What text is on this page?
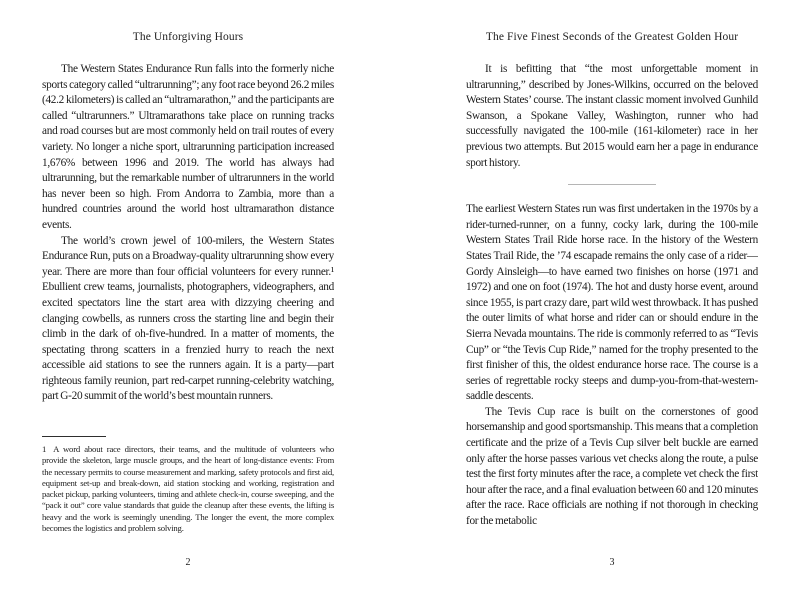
The Unforgiving Hours

The Western States Endurance Run falls into the formerly niche sports category called “ultrarunning”; any foot race beyond 26.2 miles (42.2 kilometers) is called an “ultramarathon,” and the participants are called “ultrarunners.” Ultramarathons take place on running tracks and road courses but are most commonly held on trail routes of every variety. No longer a niche sport, ultrarunning participation increased 1,676% between 1996 and 2019. The world has always had ultrarunning, but the remarkable number of ultrarunners in the world has never been so high. From Andorra to Zambia, more than a hundred countries around the world host ultramarathon distance events.

The world’s crown jewel of 100-milers, the Western States Endurance Run, puts on a Broadway-quality ultrarunning show every year. There are more than four official volunteers for every runner.¹ Ebullient crew teams, journalists, photographers, videographers, and excited spectators line the start area with dizzying cheering and clanging cowbells, as runners cross the starting line and begin their climb in the dark of oh-five-hundred. In a matter of moments, the spectating throng scatters in a frenzied hurry to reach the next accessible aid stations to see the runners again. It is a party—part righteous family reunion, part red-carpet running-celebrity watching, part G-20 summit of the world’s best mountain runners.

1 A word about race directors, their teams, and the multitude of volunteers who provide the skeleton, large muscle groups, and the heart of long-distance events: From the necessary permits to course measurement and marking, safety protocols and first aid, equipment set-up and break-down, aid station stocking and working, registration and packet pickup, parking volunteers, timing and athlete check-in, course sweeping, and the “pack it out” core value standards that guide the cleanup after these events, the lifting is heavy and the work is seemingly unending. The longer the event, the more complex becomes the logistics and problem solving.

2
The Five Finest Seconds of the Greatest Golden Hour

It is befitting that “the most unforgettable moment in ultrarunning,” described by Jones-Wilkins, occurred on the beloved Western States’ course. The instant classic moment involved Gunhild Swanson, a Spokane Valley, Washington, runner who had successfully navigated the 100-mile (161-kilometer) race in her previous two attempts. But 2015 would earn her a page in endurance sport history.

The earliest Western States run was first undertaken in the 1970s by a rider-turned-runner, on a funny, cocky lark, during the 100-mile Western States Trail Ride horse race. In the history of the Western States Trail Ride, the ’74 escapade remains the only case of a rider—Gordy Ainsleigh—to have earned two finishes on horse (1971 and 1972) and one on foot (1974). The hot and dusty horse event, around since 1955, is part crazy dare, part wild west throwback. It has pushed the outer limits of what horse and rider can or should endure in the Sierra Nevada mountains. The ride is commonly referred to as “Tevis Cup” or “the Tevis Cup Ride,” named for the trophy presented to the first finisher of this, the oldest endurance horse race. The course is a series of regrettable rocky steeps and dump-you-from-that-western-saddle descents.

The Tevis Cup race is built on the cornerstones of good horsemanship and good sportsmanship. This means that a completion certificate and the prize of a Tevis Cup silver belt buckle are earned only after the horse passes various vet checks along the route, a pulse test the first forty minutes after the race, a complete vet check the first hour after the race, and a final evaluation between 60 and 120 minutes after the race. Race officials are nothing if not thorough in checking for the metabolic

3
